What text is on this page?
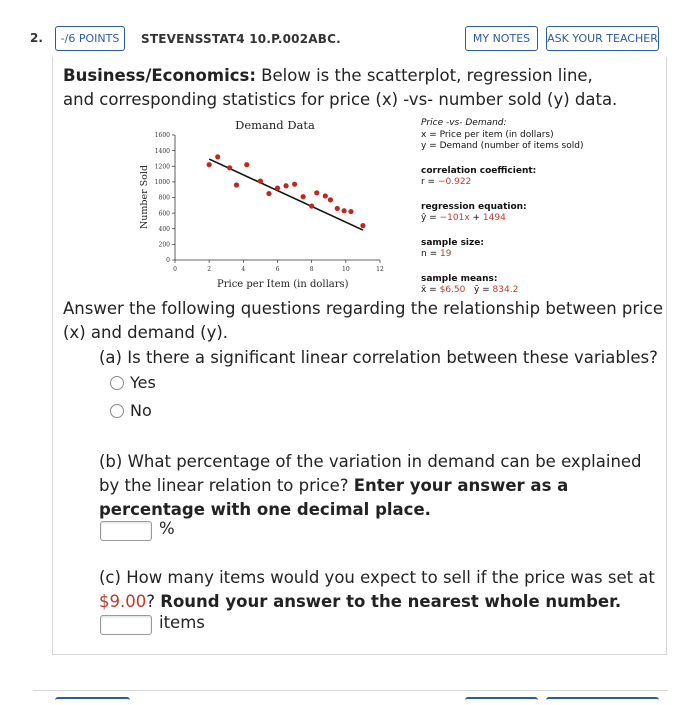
2.	-/6 POINTS	STEVENSSTAT4 10.P.002ABC.	MY NOTES	ASK YOUR TEACHER
Business/Economics: Below is the scatterplot, regression line, and corresponding statistics for price (x) -vs- number sold (y) data.
Demand Data
Number Sold
0
200
400
600
800
1000
1200
1400
1600
0	2	4	6	8	10	12
Price per Item (in dollars)
Price -vs- Demand:
x = Price per item (in dollars)
y = Demand (number of items sold)
correlation coefficient:
r = −0.922
regression equation:
ŷ = −101x + 1494
sample size:
n = 19
sample means:
x̄ = $6.50   ȳ = 834.2
Answer the following questions regarding the relationship between price (x) and demand (y).
(a) Is there a significant linear correlation between these variables?
Yes
No
(b) What percentage of the variation in demand can be explained by the linear relation to price? Enter your answer as a percentage with one decimal place.
%
(c) How many items would you expect to sell if the price was set at $9.00? Round your answer to the nearest whole number.
items
